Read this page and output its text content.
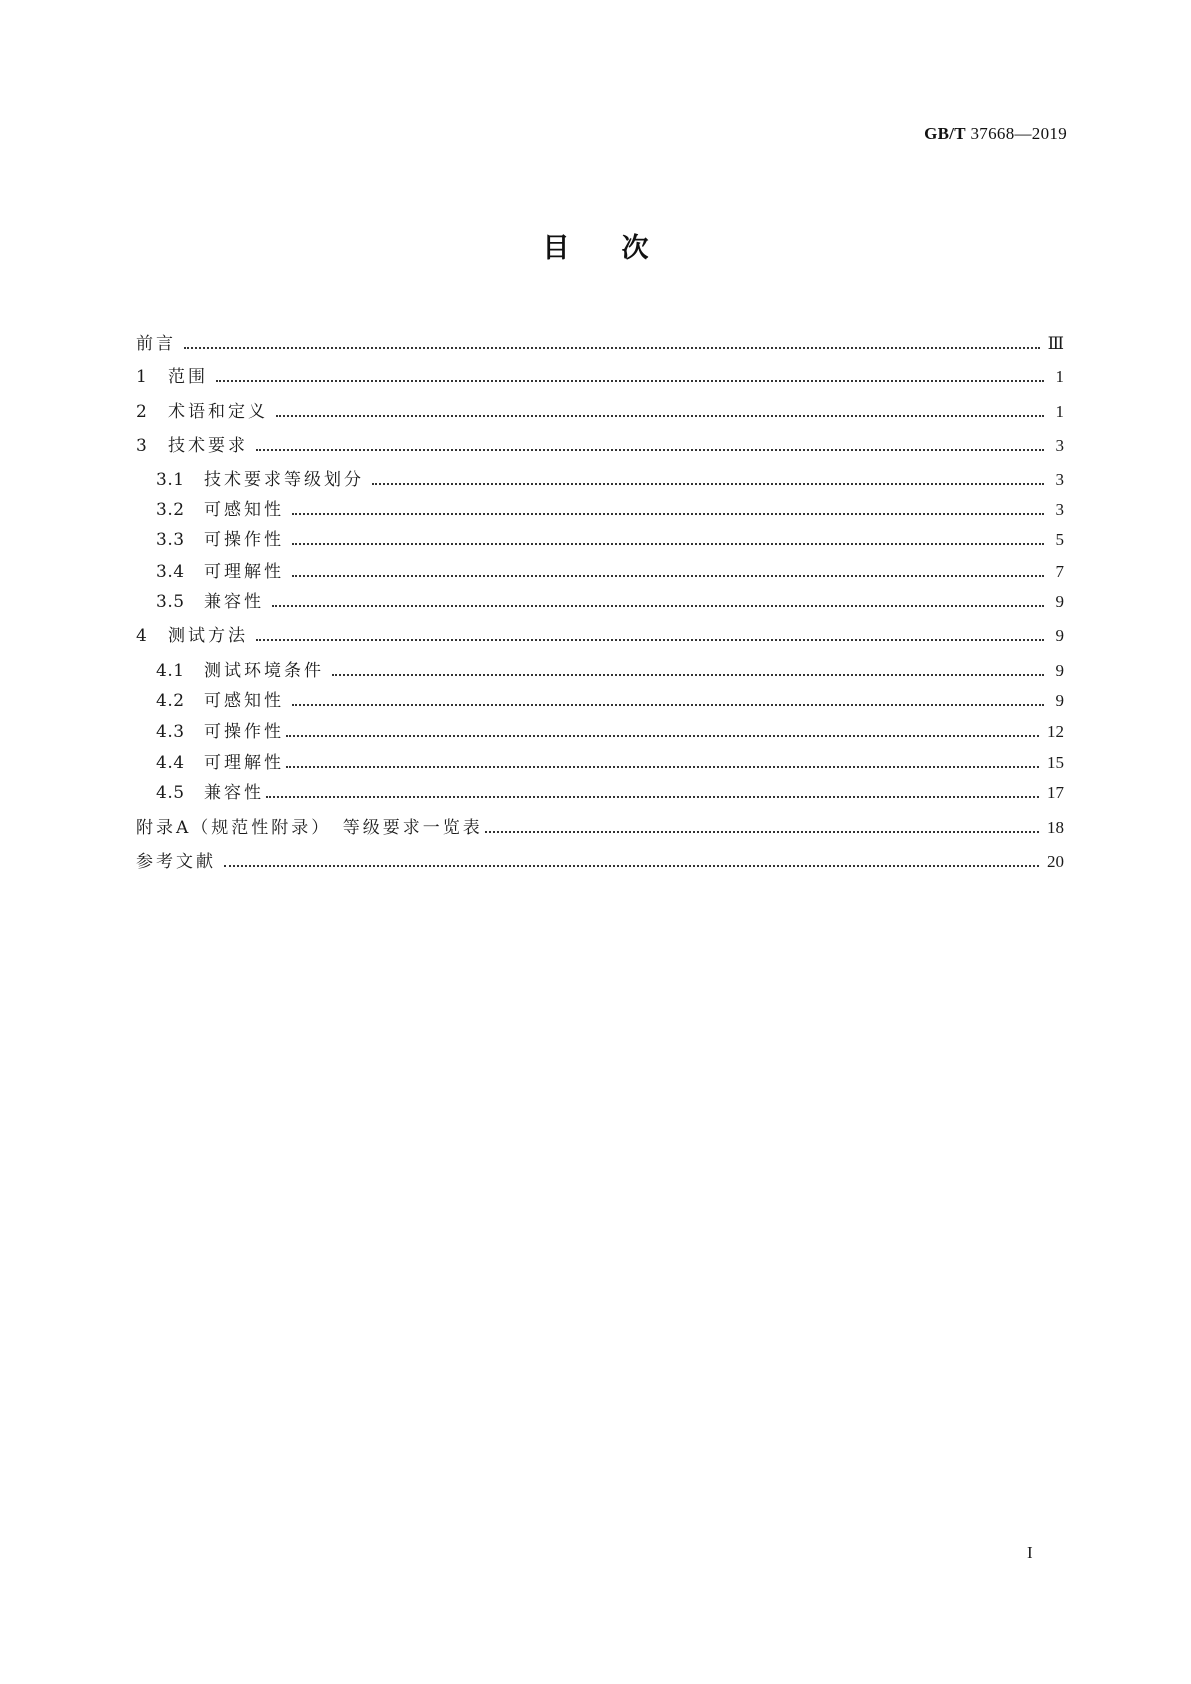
GB/T 37668—2019
目次
前言	Ⅲ
1	范围	1
2	术语和定义	1
3	技术要求	3
3.1	技术要求等级划分	3
3.2	可感知性	3
3.3	可操作性	5
3.4	可理解性	7
3.5	兼容性	9
4	测试方法	9
4.1	测试环境条件	9
4.2	可感知性	9
4.3	可操作性	12
4.4	可理解性	15
4.5	兼容性	17
附录A（规范性附录）　等级要求一览表	18
参考文献	20
I
